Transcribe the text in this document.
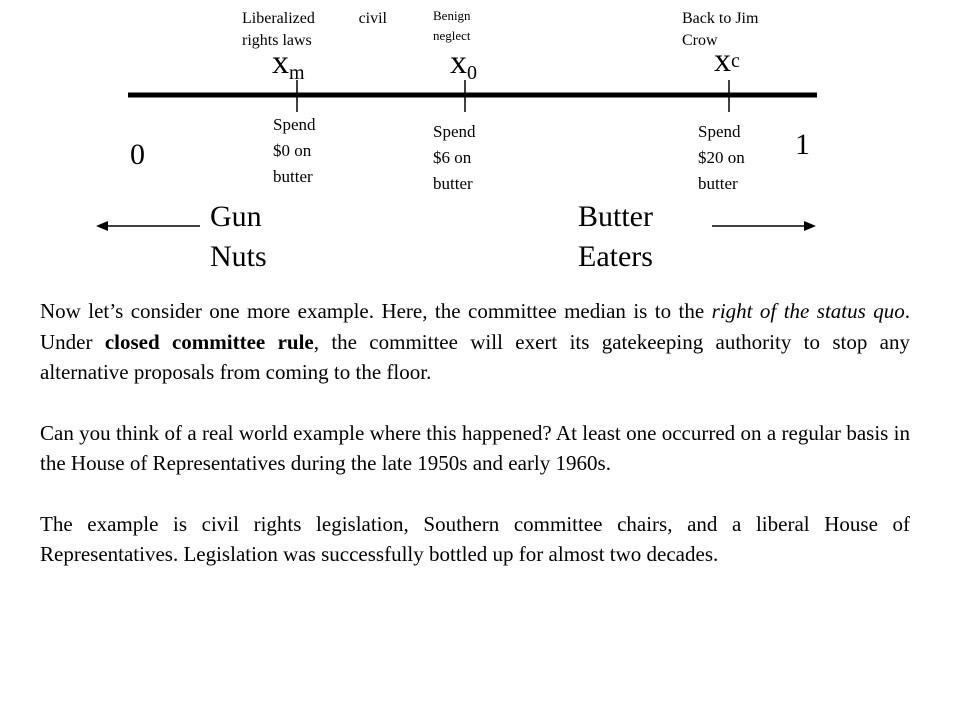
Liberalized civil rights laws
Benign neglect
Back to Jim Crow
$x_m$	$x_0$	$x^c$
Spend
$0 on
butter
Spend
$6 on
butter
Spend
$20 on
butter
0	1
Gun
Nuts
Butter
Eaters

Now let’s consider one more example. Here, the committee median is to the right of the status quo. Under closed committee rule, the committee will exert its gatekeeping authority to stop any alternative proposals from coming to the floor.

Can you think of a real world example where this happened? At least one occurred on a regular basis in the House of Representatives during the late 1950s and early 1960s.

The example is civil rights legislation, Southern committee chairs, and a liberal House of Representatives. Legislation was successfully bottled up for almost two decades.
